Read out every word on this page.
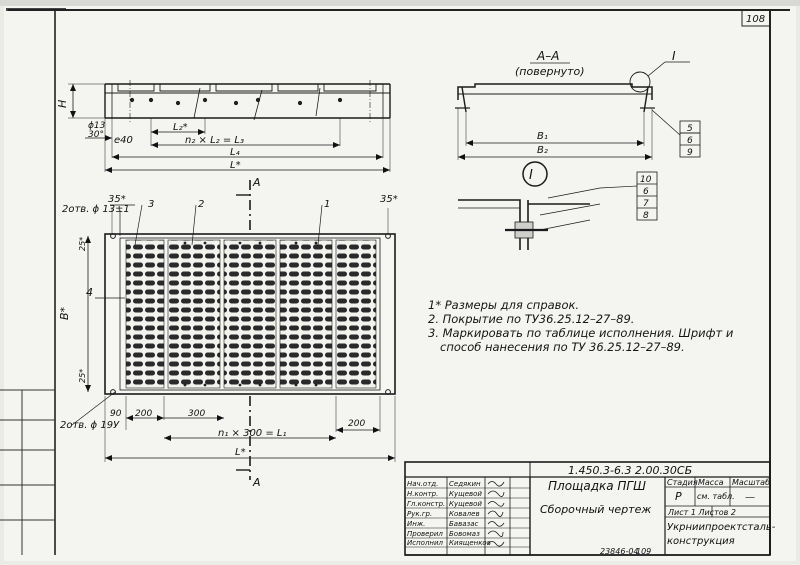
108
H
ϕ13
30° e40
L₂*
n₂ × L₂ = L₃
L₄
L*
А–А
(повернуто)
I
5
6
9
B₁
B₂
I	10
6
7
8
2отв. ϕ 13±1
2отв. ϕ 19У
35*	35*
3	2	1
4
25*
25*
B*
A
A
90 200	300
200
n₁ × 300 = L₁
L*
1.450.3-6.3 2.00.30СБ
Площадка ПГШ
Сборочный чертеж
Стадия Масса Масштаб
Р см. табл. —
Лист 1 Листов 2
Укрниипроектсталь-
конструкция
Нач.отд. Седякин
Н.контр. Кущевой
Гл.констр. Кущевой
Рук.гр. Ковалев
Инж.	Бавазас
Проверил Бовомаз
Исполнил Киященков
23846-04
109
1* Размеры для справок.
2. Покрытие по ТУ36.25.12–27–89.
3. Маркировать по таблице исполнения. Шрифт и
способ нанесения по ТУ 36.25.12–27–89.
